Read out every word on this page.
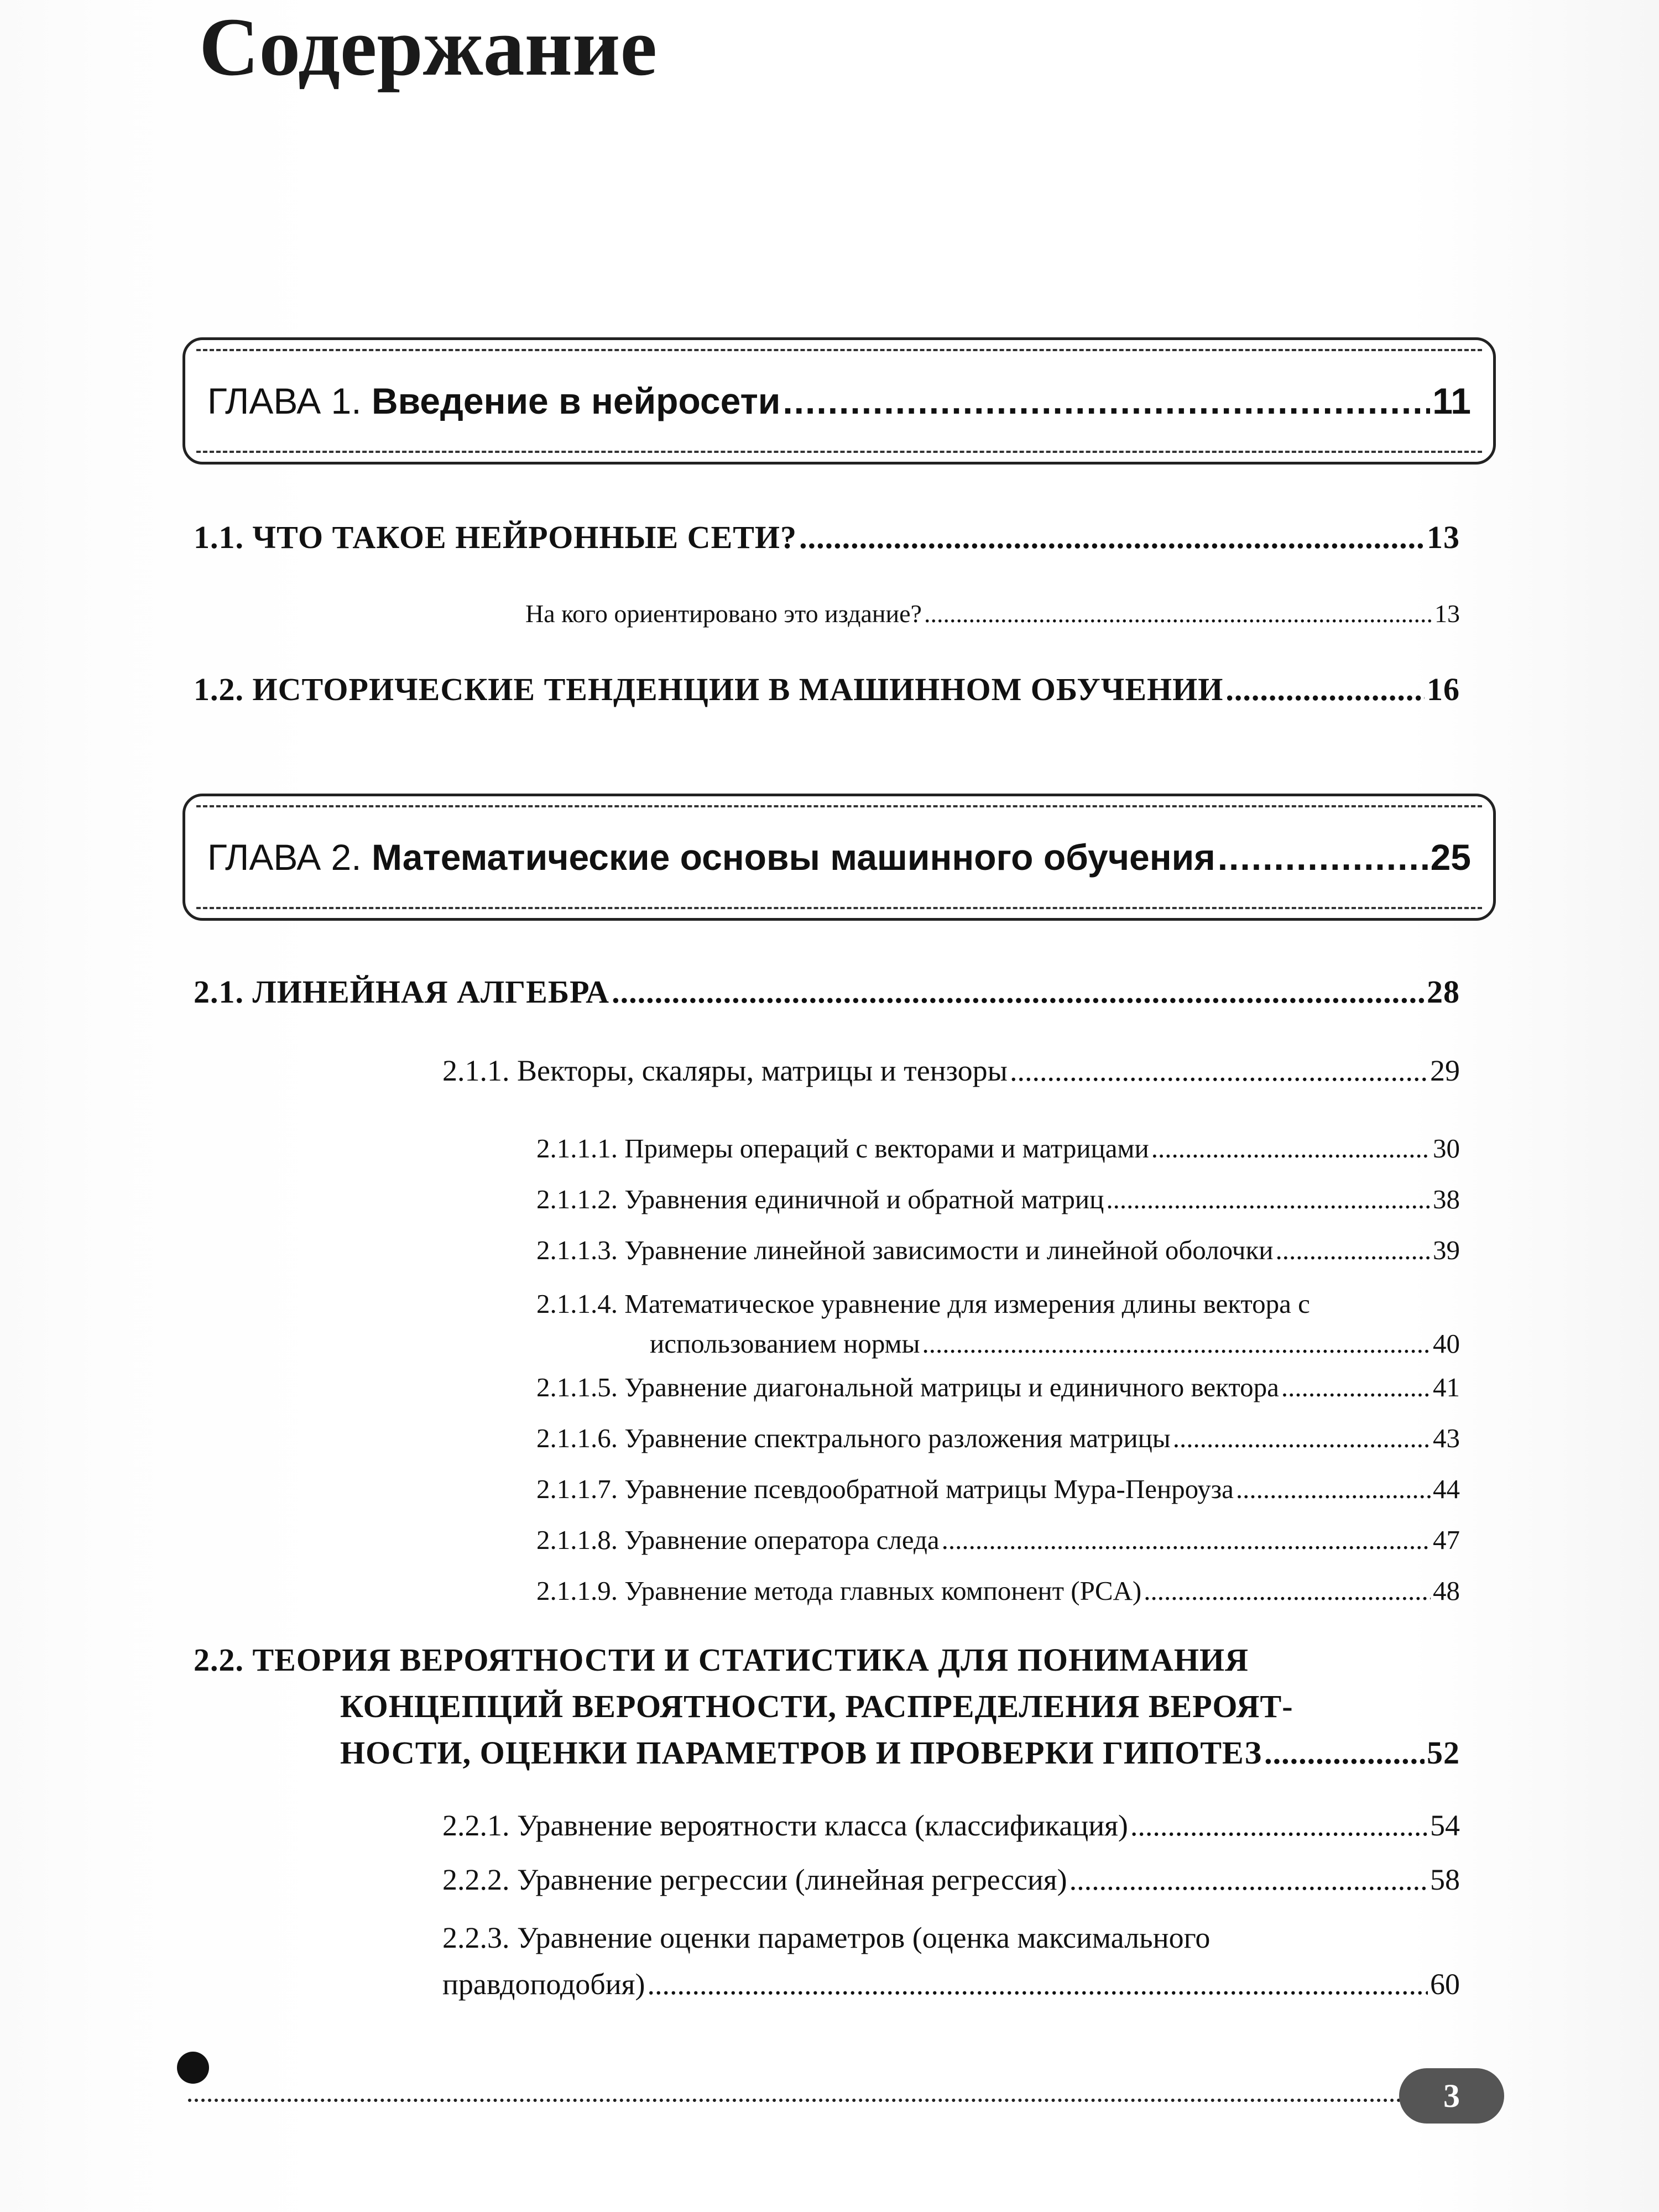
Содержание
ГЛАВА 1. Введение в нейросети .....	11
1.1. ЧТО ТАКОЕ НЕЙРОННЫЕ СЕТИ? .....	13
На кого ориентировано это издание? .....	13
1.2. ИСТОРИЧЕСКИЕ ТЕНДЕНЦИИ В МАШИННОМ ОБУЧЕНИИ .....	16
ГЛАВА 2. Математические основы машинного обучения .....	25
2.1. ЛИНЕЙНАЯ АЛГЕБРА .....	28
2.1.1. Векторы, скаляры, матрицы и тензоры .....	29
2.1.1.1. Примеры операций с векторами и матрицами .....	30
2.1.1.2. Уравнения единичной и обратной матриц .....	38
2.1.1.3. Уравнение линейной зависимости и линейной оболочки .....	39
2.1.1.4. Математическое уравнение для измерения длины вектора с
использованием нормы .....	40
2.1.1.5. Уравнение диагональной матрицы и единичного вектора .....	41
2.1.1.6. Уравнение спектрального разложения матрицы .....	43
2.1.1.7. Уравнение псевдообратной матрицы Мура-Пенроуза .....	44
2.1.1.8. Уравнение оператора следа .....	47
2.1.1.9. Уравнение метода главных компонент (PCA) .....	48
2.2. ТЕОРИЯ ВЕРОЯТНОСТИ И СТАТИСТИКА ДЛЯ ПОНИМАНИЯ
КОНЦЕПЦИЙ ВЕРОЯТНОСТИ, РАСПРЕДЕЛЕНИЯ ВЕРОЯТ-
НОСТИ, ОЦЕНКИ ПАРАМЕТРОВ И ПРОВЕРКИ ГИПОТЕЗ .....	52
2.2.1. Уравнение вероятности класса (классификация) .....	54
2.2.2. Уравнение регрессии (линейная регрессия) .....	58
2.2.3. Уравнение оценки параметров (оценка максимального
правдоподобия) .....	60
3
